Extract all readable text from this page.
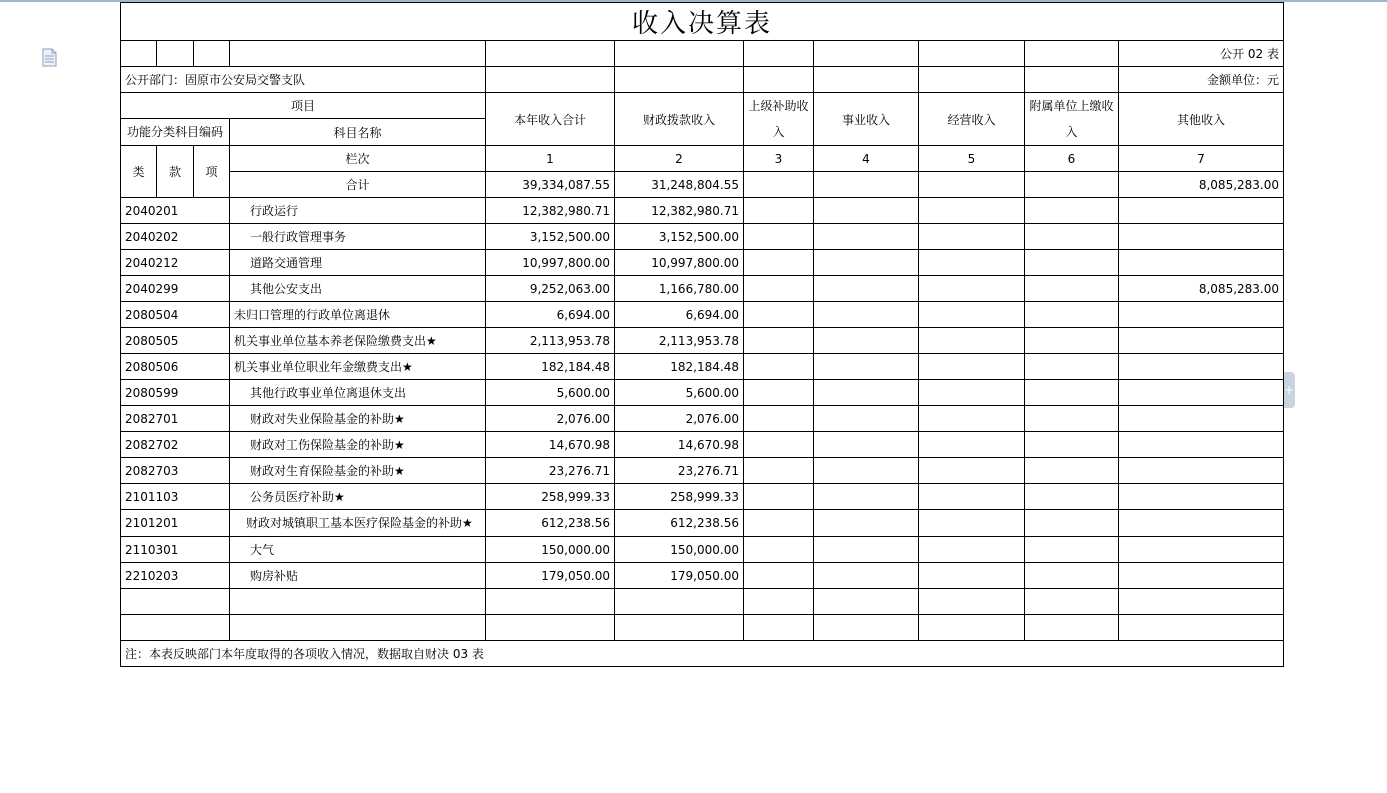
+
收入决算表										
										公开 02 表
公开部门：固原市公安局交警支队										金额单位：元
项目				本年收入合计	财政拨款收入	上级补助收入	事业收入	经营收入	附属单位上缴收入	其他收入
功能分类科目编码			科目名称							
类	款	项	栏次	1	2	3	4	5	6	7
			合计	39,334,087.55	31,248,804.55					8,085,283.00
2040201			行政运行	12,382,980.71	12,382,980.71					
2040202			一般行政管理事务	3,152,500.00	3,152,500.00					
2040212			道路交通管理	10,997,800.00	10,997,800.00					
2040299			其他公安支出	9,252,063.00	1,166,780.00					8,085,283.00
2080504			未归口管理的行政单位离退休	6,694.00	6,694.00					
2080505			机关事业单位基本养老保险缴费支出★	2,113,953.78	2,113,953.78					
2080506			机关事业单位职业年金缴费支出★	182,184.48	182,184.48					
2080599			其他行政事业单位离退休支出	5,600.00	5,600.00					
2082701			财政对失业保险基金的补助★	2,076.00	2,076.00					
2082702			财政对工伤保险基金的补助★	14,670.98	14,670.98					
2082703			财政对生育保险基金的补助★	23,276.71	23,276.71					
2101103			公务员医疗补助★	258,999.33	258,999.33					
2101201			财政对城镇职工基本医疗保险基金的补助★	612,238.56	612,238.56					
2110301			大气	150,000.00	150,000.00					
2210203			购房补贴	179,050.00	179,050.00					

注：本表反映部门本年度取得的各项收入情况，数据取自财决 03 表										
